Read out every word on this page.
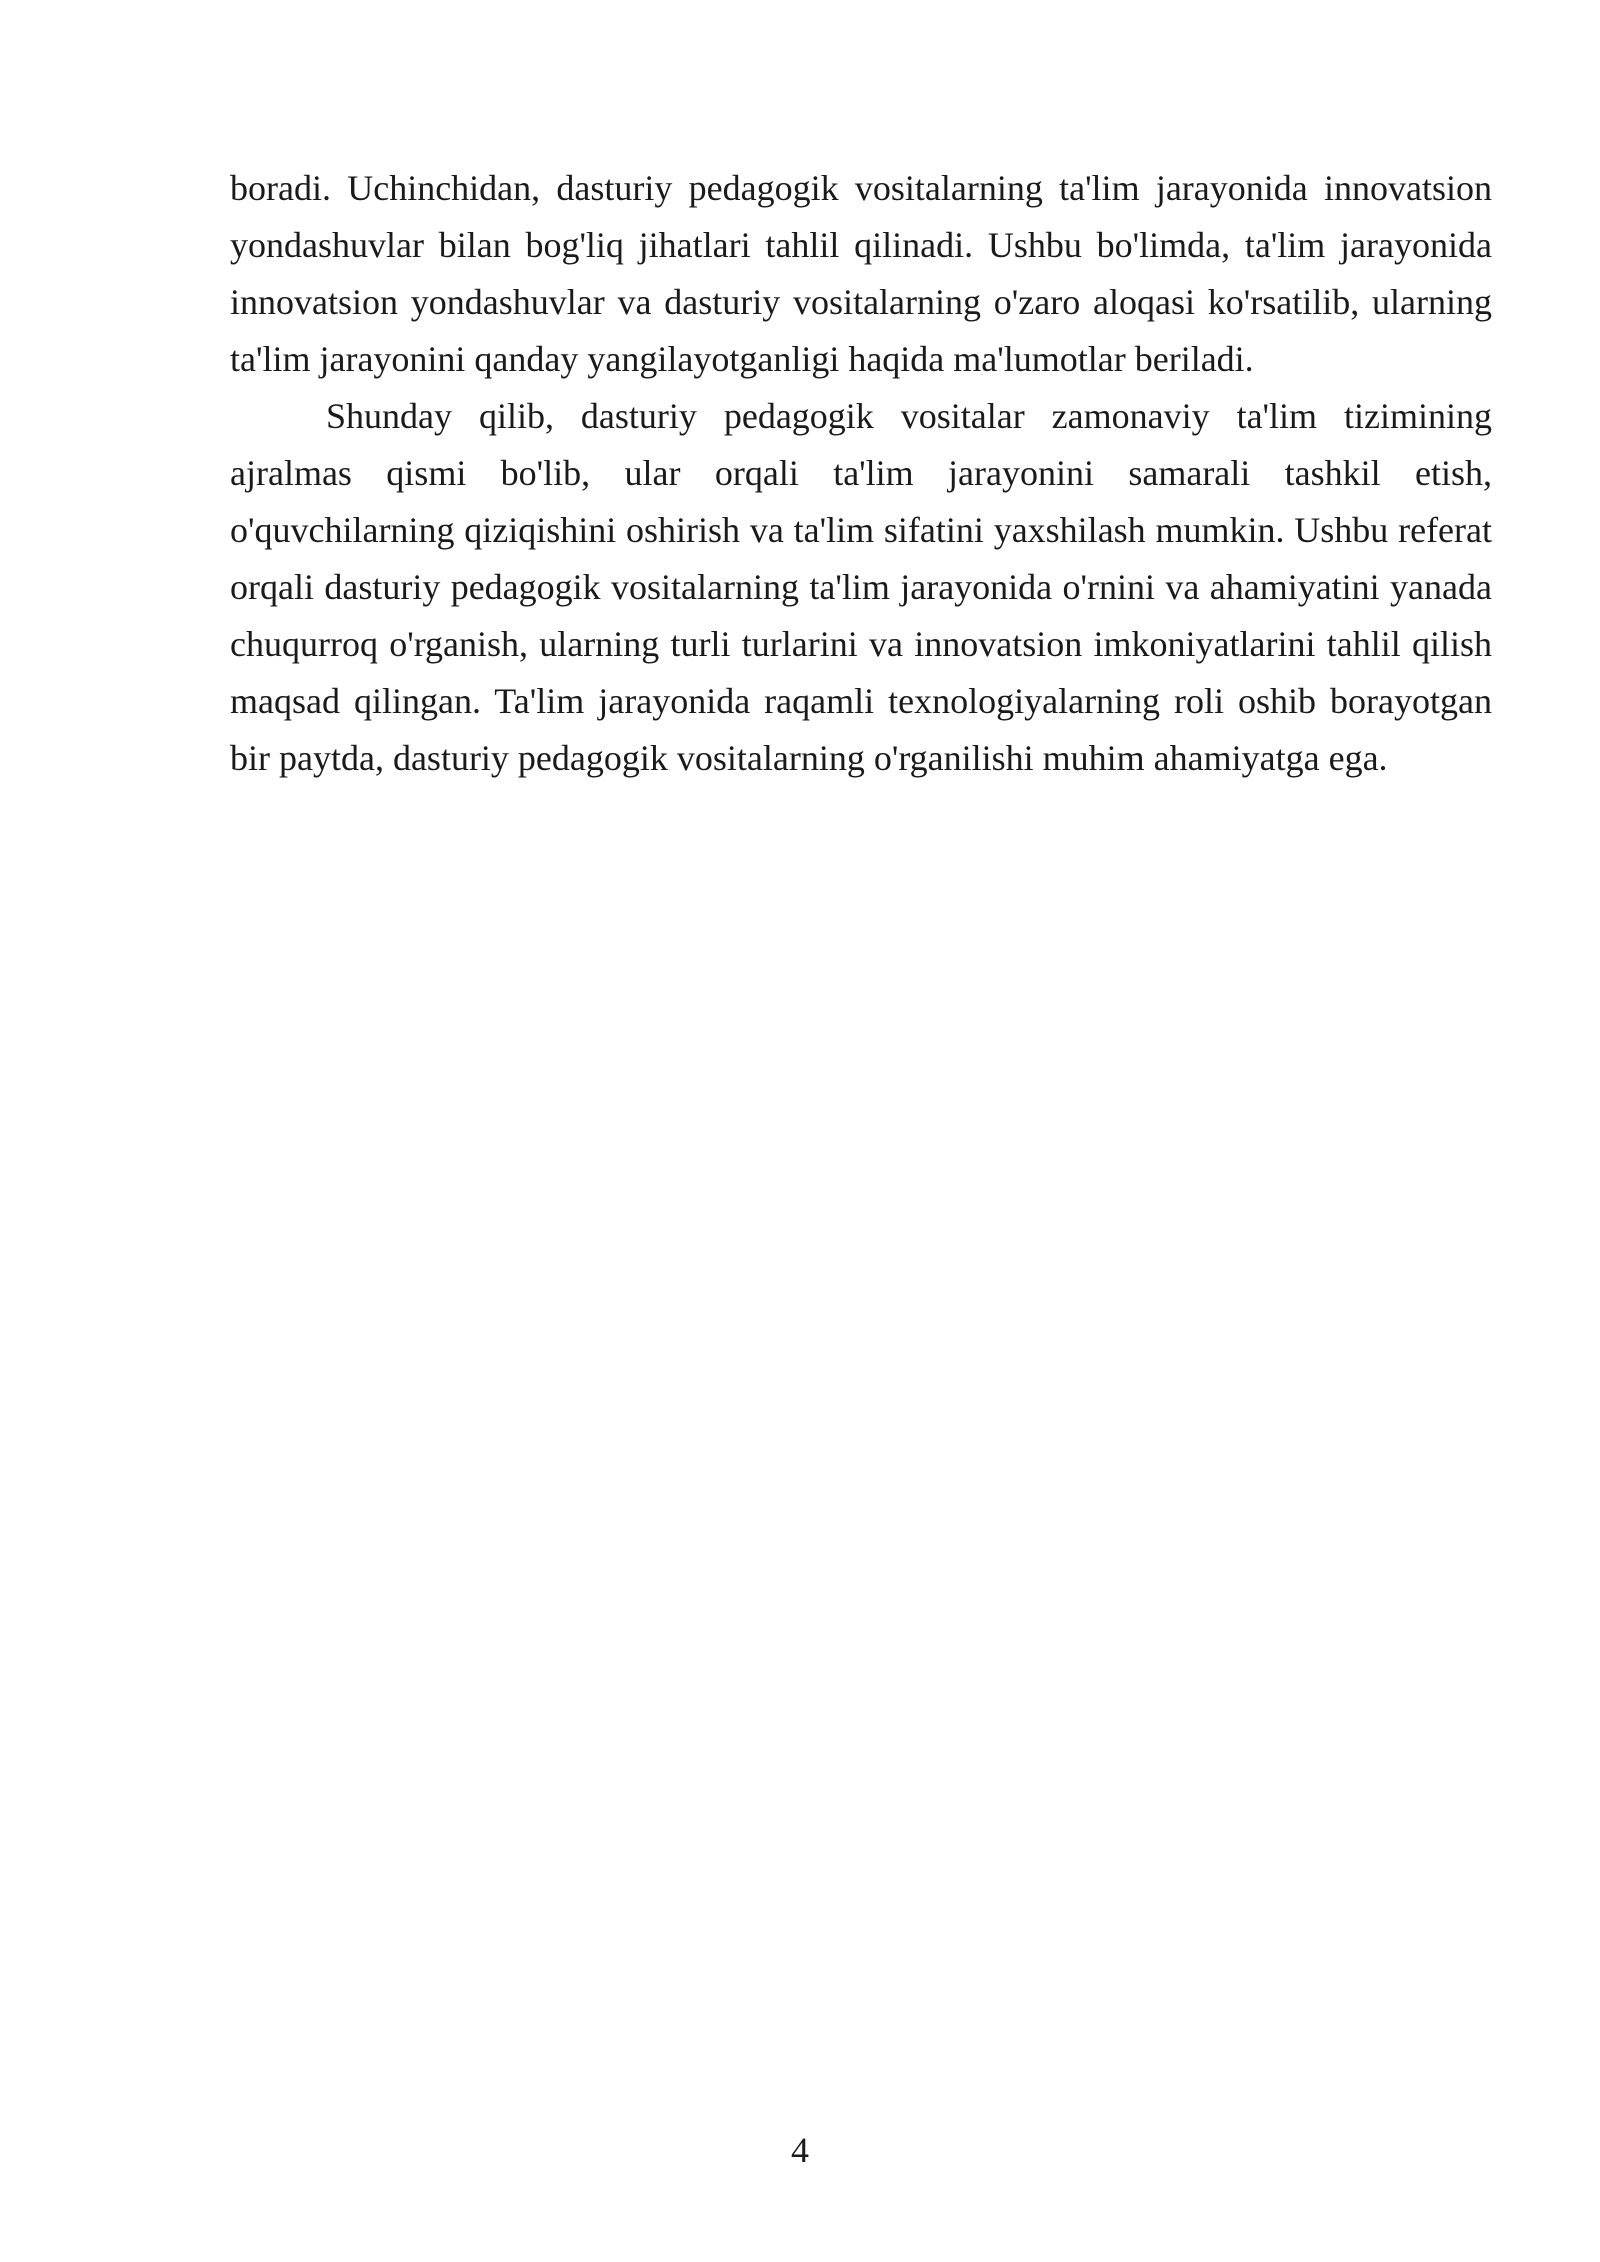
boradi. Uchinchidan, dasturiy pedagogik vositalarning ta'lim jarayonida innovatsion yondashuvlar bilan bog'liq jihatlari tahlil qilinadi. Ushbu bo'limda, ta'lim jarayonida innovatsion yondashuvlar va dasturiy vositalarning o'zaro aloqasi ko'rsatilib, ularning ta'lim jarayonini qanday yangilayotganligi haqida ma'lumotlar beriladi.

Shunday qilib, dasturiy pedagogik vositalar zamonaviy ta'lim tizimining ajralmas qismi bo'lib, ular orqali ta'lim jarayonini samarali tashkil etish, o'quvchilarning qiziqishini oshirish va ta'lim sifatini yaxshilash mumkin. Ushbu referat orqali dasturiy pedagogik vositalarning ta'lim jarayonida o'rnini va ahamiyatini yanada chuqurroq o'rganish, ularning turli turlarini va innovatsion imkoniyatlarini tahlil qilish maqsad qilingan. Ta'lim jarayonida raqamli texnologiyalarning roli oshib borayotgan bir paytda, dasturiy pedagogik vositalarning o'rganilishi muhim ahamiyatga ega.

4
